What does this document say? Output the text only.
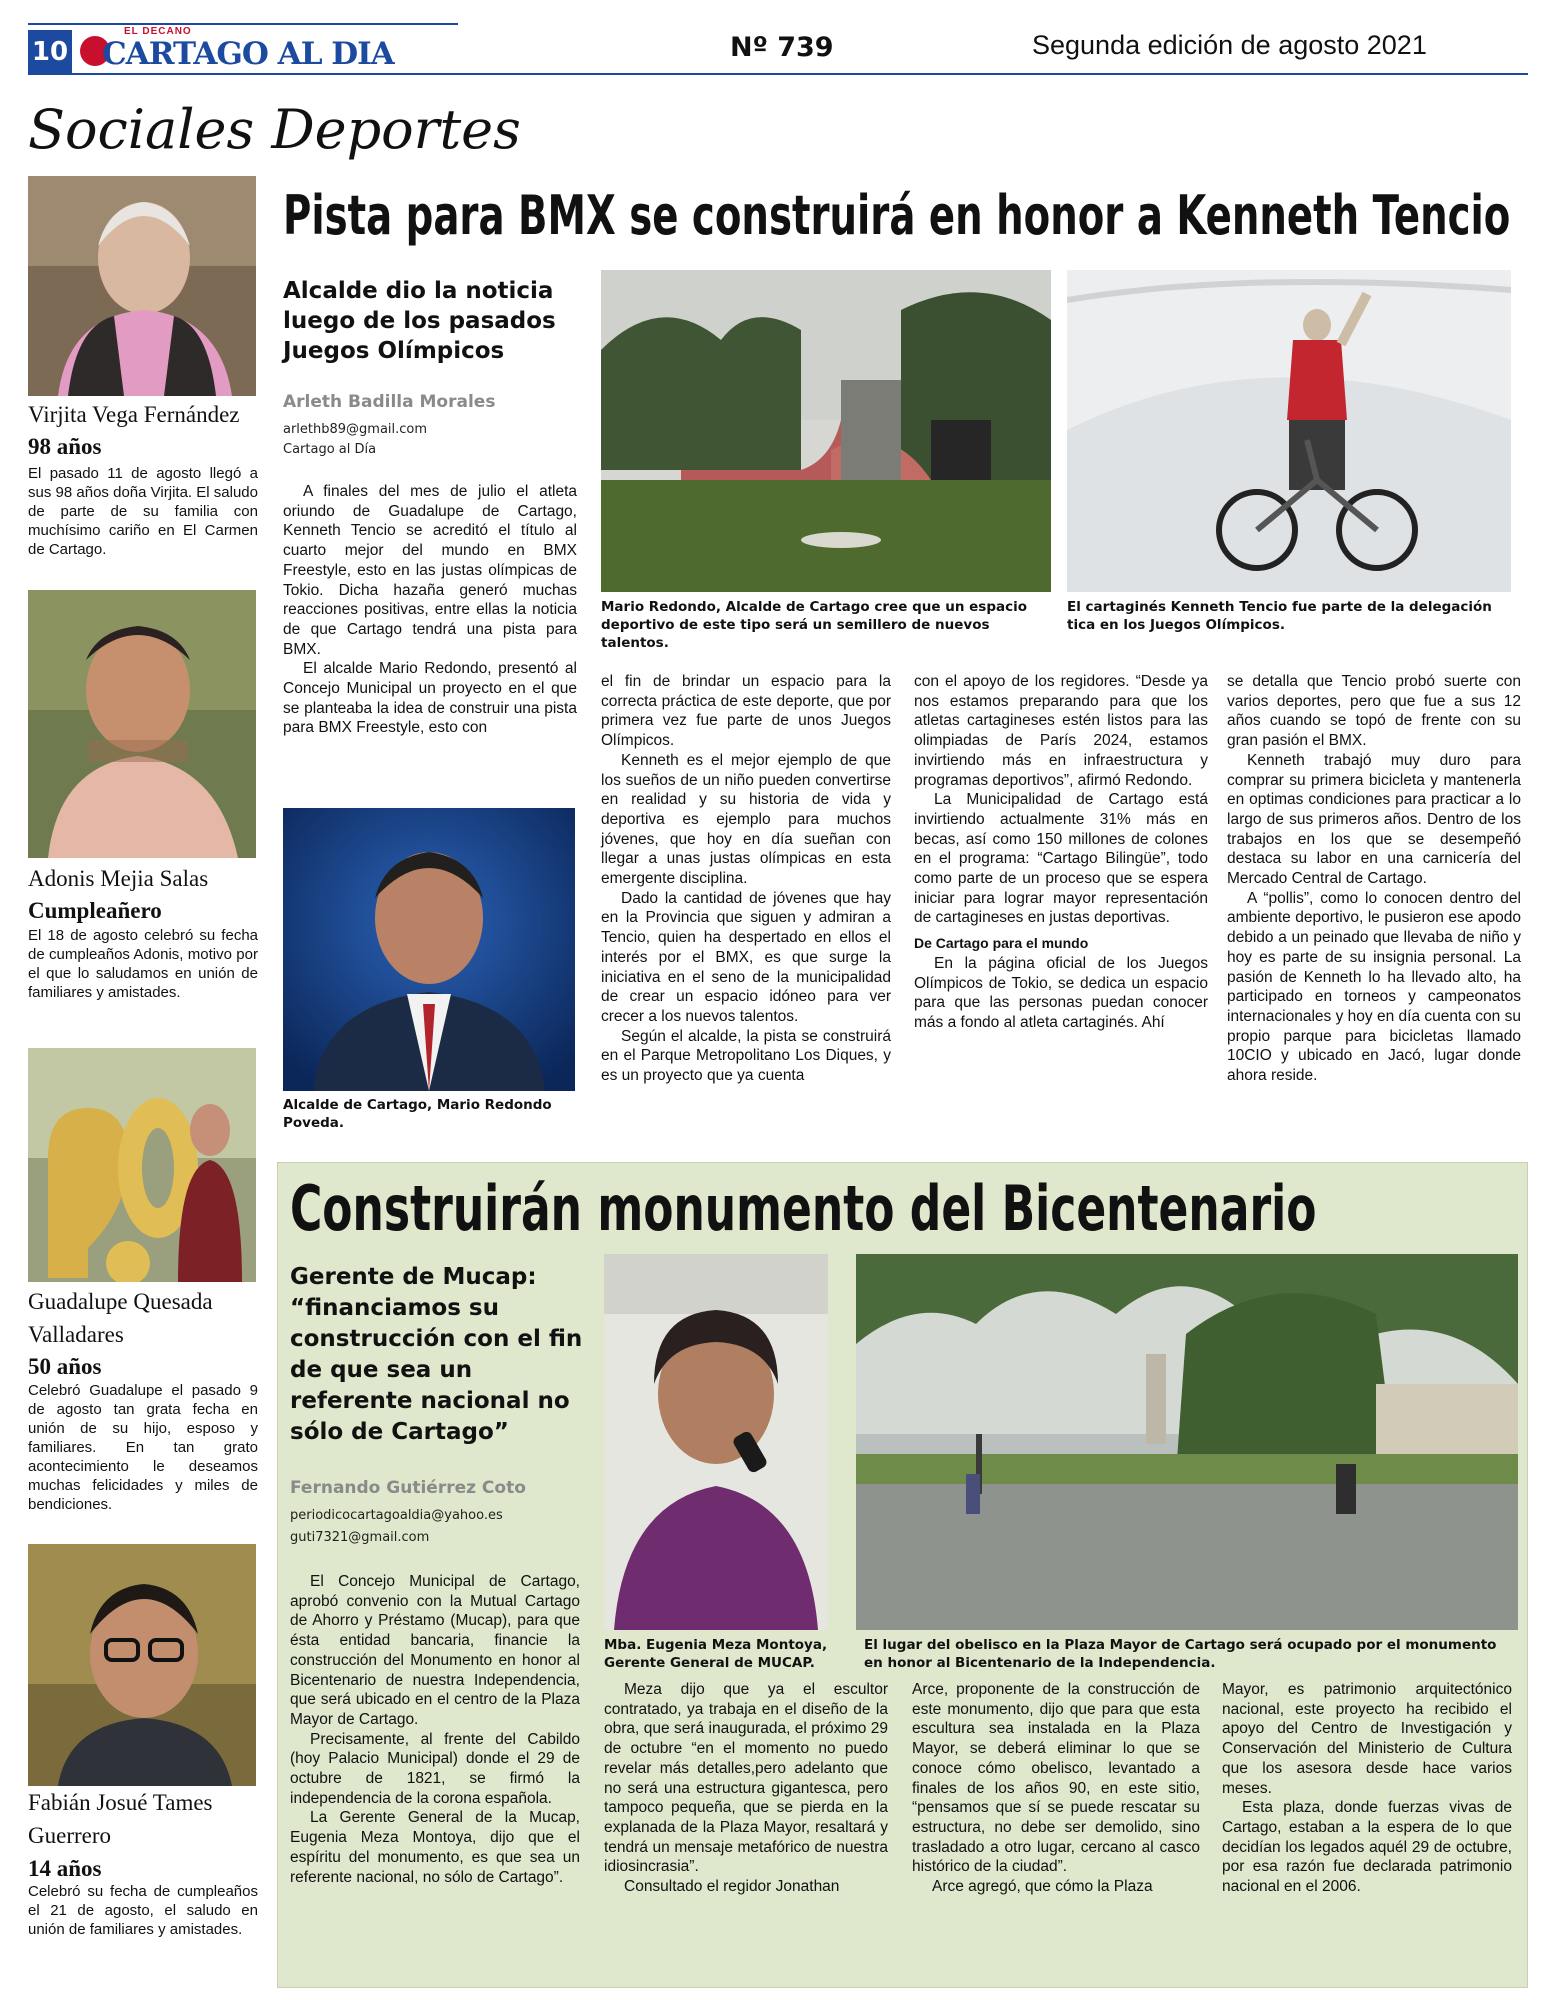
10
EL DECANO
CARTAGO AL DIA	Nº 739	Segunda edición de agosto 2021
Sociales Deportes
Virjita Vega Fernández
98 años
El pasado 11 de agosto llegó a sus 98 años doña Virjita. El saludo de parte de su familia con muchísimo cariño en El Carmen de Cartago.
Adonis Mejia Salas
Cumpleañero
El 18 de agosto celebró su fecha de cumpleaños Adonis, motivo por el que lo saludamos en unión de familiares y amistades.
Guadalupe Quesada Valladares
50 años
Celebró Guadalupe el pasado 9 de agosto tan grata fecha en unión de su hijo, esposo y familiares. En tan grato acontecimiento le deseamos muchas felicidades y miles de bendiciones.
Fabián Josué Tames Guerrero
14 años
Celebró su fecha de cumpleaños el 21 de agosto, el saludo en unión de familiares y amistades.
Pista para BMX se construirá en honor a Kenneth Tencio
Alcalde dio la noticia luego de los pasados Juegos Olímpicos
Arleth Badilla Morales
arlethb89@gmail.com
Cartago al Día

A finales del mes de julio el atleta oriundo de Guadalupe de Cartago, Kenneth Tencio se acreditó el título al cuarto mejor del mundo en BMX Freestyle, esto en las justas olímpicas de Tokio. Dicha hazaña generó muchas reacciones positivas, entre ellas la noticia de que Cartago tendrá una pista para BMX.

El alcalde Mario Redondo, presentó al Concejo Municipal un proyecto en el que se planteaba la idea de construir una pista para BMX Freestyle, esto con

Mario Redondo, Alcalde de Cartago cree que un espacio deportivo de este tipo será un semillero de nuevos talentos.
El cartaginés Kenneth Tencio fue parte de la delegación tica en los Juegos Olímpicos.
Alcalde de Cartago, Mario Redondo Poveda.

el fin de brindar un espacio para la correcta práctica de este deporte, que por primera vez fue parte de unos Juegos Olímpicos.

Kenneth es el mejor ejemplo de que los sueños de un niño pueden convertirse en realidad y su historia de vida y deportiva es ejemplo para muchos jóvenes, que hoy en día sueñan con llegar a unas justas olímpicas en esta emergente disciplina.

Dado la cantidad de jóvenes que hay en la Provincia que siguen y admiran a Tencio, quien ha despertado en ellos el interés por el BMX, es que surge la iniciativa en el seno de la municipalidad de crear un espacio idóneo para ver crecer a los nuevos talentos.

Según el alcalde, la pista se construirá en el Parque Metropolitano Los Diques, y es un proyecto que ya cuenta

con el apoyo de los regidores. “Desde ya nos estamos preparando para que los atletas cartagineses estén listos para las olimpiadas de París 2024, estamos invirtiendo más en infraestructura y programas deportivos”, afirmó Redondo.

La Municipalidad de Cartago está invirtiendo actualmente 31% más en becas, así como 150 millones de colones en el programa: “Cartago Bilingüe”, todo como parte de un proceso que se espera iniciar para lograr mayor representación de cartagineses en justas deportivas.

De Cartago para el mundo

En la página oficial de los Juegos Olímpicos de Tokio, se dedica un espacio para que las personas puedan conocer más a fondo al atleta cartaginés. Ahí

se detalla que Tencio probó suerte con varios deportes, pero que fue a sus 12 años cuando se topó de frente con su gran pasión el BMX.

Kenneth trabajó muy duro para comprar su primera bicicleta y mantenerla en optimas condiciones para practicar a lo largo de sus primeros años. Dentro de los trabajos en los que se desempeñó destaca su labor en una carnicería del Mercado Central de Cartago.

A “pollis”, como lo conocen dentro del ambiente deportivo, le pusieron ese apodo debido a un peinado que llevaba de niño y hoy es parte de su insignia personal. La pasión de Kenneth lo ha llevado alto, ha participado en torneos y campeonatos internacionales y hoy en día cuenta con su propio parque para bicicletas llamado 10CIO y ubicado en Jacó, lugar donde ahora reside.

Construirán monumento del Bicentenario
Gerente de Mucap: “financiamos su construcción con el fin de que sea un referente nacional no sólo de Cartago”
Fernando Gutiérrez Coto
periodicocartagoaldia@yahoo.es
guti7321@gmail.com

El Concejo Municipal de Cartago, aprobó convenio con la Mutual Cartago de Ahorro y Préstamo (Mucap), para que ésta entidad bancaria, financie la construcción del Monumento en honor al Bicentenario de nuestra Independencia, que será ubicado en el centro de la Plaza Mayor de Cartago.

Precisamente, al frente del Cabildo (hoy Palacio Municipal) donde el 29 de octubre de 1821, se firmó la independencia de la corona española.

La Gerente General de la Mucap, Eugenia Meza Montoya, dijo que el espíritu del monumento, es que sea un referente nacional, no sólo de Cartago”.

Mba. Eugenia Meza Montoya, Gerente General de MUCAP.
El lugar del obelisco en la Plaza Mayor de Cartago será ocupado por el monumento en honor al Bicentenario de la Independencia.

Meza dijo que ya el escultor contratado, ya trabaja en el diseño de la obra, que será inaugurada, el próximo 29 de octubre “en el momento no puedo revelar más detalles,pero adelanto que no será una estructura gigantesca, pero tampoco pequeña, que se pierda en la explanada de la Plaza Mayor, resaltará y tendrá un mensaje metafórico de nuestra idiosincrasia”.

Consultado el regidor Jonathan

Arce, proponente de la construcción de este monumento, dijo que para que esta escultura sea instalada en la Plaza Mayor, se deberá eliminar lo que se conoce cómo obelisco, levantado a finales de los años 90, en este sitio, “pensamos que sí se puede rescatar su estructura, no debe ser demolido, sino trasladado a otro lugar, cercano al casco histórico de la ciudad”.

Arce agregó, que cómo la Plaza

Mayor, es patrimonio arquitectónico nacional, este proyecto ha recibido el apoyo del Centro de Investigación y Conservación del Ministerio de Cultura que los asesora desde hace varios meses.

Esta plaza, donde fuerzas vivas de Cartago, estaban a la espera de lo que decidían los legados aquél 29 de octubre, por esa razón fue declarada patrimonio nacional en el 2006.
